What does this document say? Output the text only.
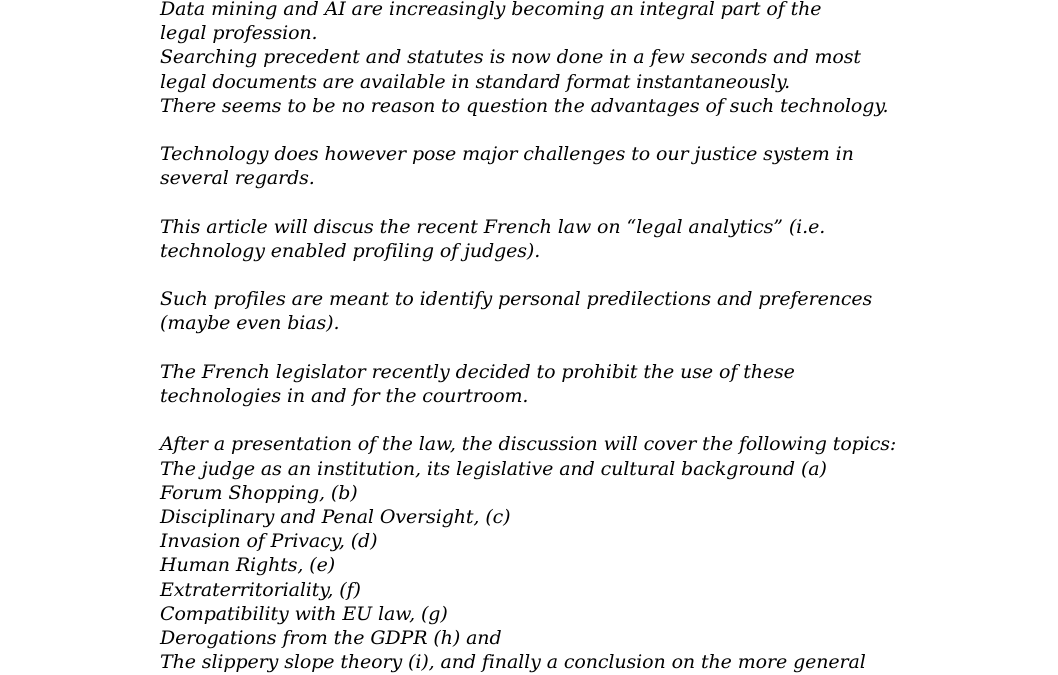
Data mining and AI are increasingly becoming an integral part of the
legal profession.
Searching precedent and statutes is now done in a few seconds and most
legal documents are available in standard format instantaneously.
There seems to be no reason to question the advantages of such technology.
Technology does however pose major challenges to our justice system in
several regards.
This article will discus the recent French law on “legal analytics” (i.e.
technology enabled profiling of judges).
Such profiles are meant to identify personal predilections and preferences
(maybe even bias).
The French legislator recently decided to prohibit the use of these
technologies in and for the courtroom.
After a presentation of the law, the discussion will cover the following topics:
The judge as an institution, its legislative and cultural background (a)
Forum Shopping, (b)
Disciplinary and Penal Oversight, (c)
Invasion of Privacy, (d)
Human Rights, (e)
Extraterritoriality, (f)
Compatibility with EU law, (g)
Derogations from the GDPR (h) and
The slippery slope theory (i), and finally a conclusion on the more general
